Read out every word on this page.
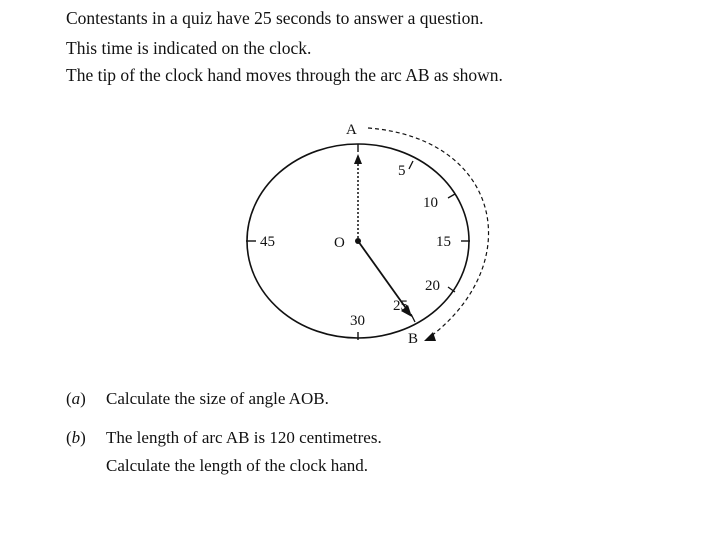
Contestants in a quiz have 25 seconds to answer a question.
This time is indicated on the clock.
The tip of the clock hand moves through the arc AB as shown.
A
B
O
5
10
15
20
25
30
45
(a) Calculate the size of angle AOB.
(b) The length of arc AB is 120 centimetres.
Calculate the length of the clock hand.
